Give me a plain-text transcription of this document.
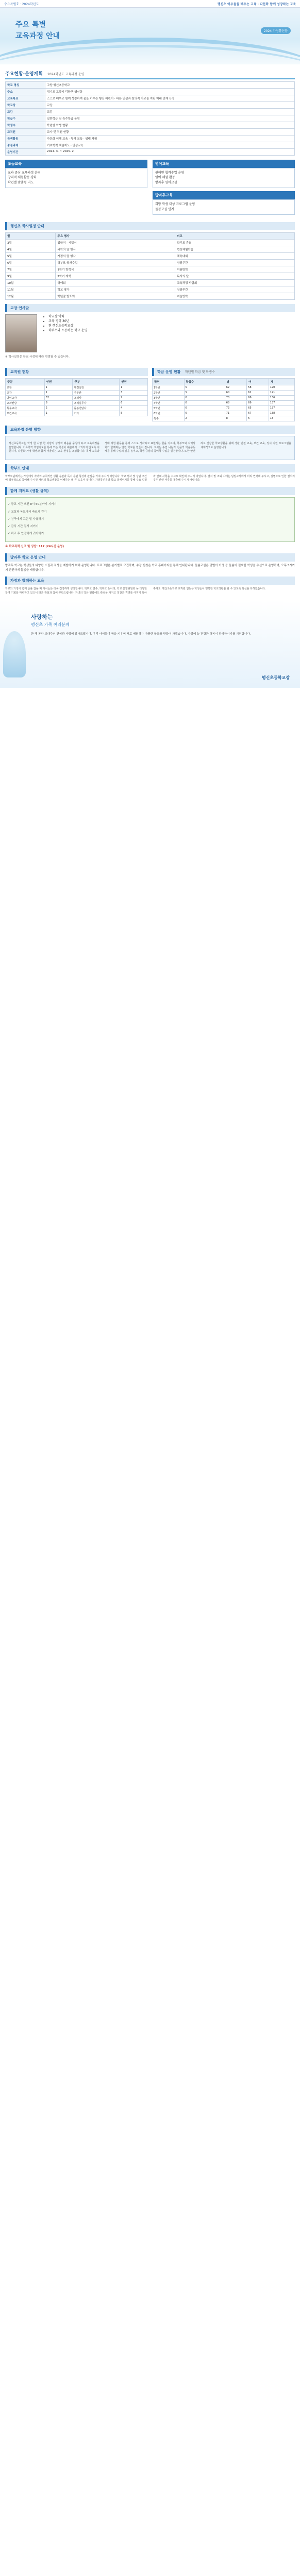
수요특별호 · 2024학년도	행신초 아우들을 배우는 교육 · 다문화 함께 성장하는 교육
주요 특별
교육과정 안내
2024 가정통신문
주요현황·운영계획 2024학년도 교육과정 운영
학교 명칭	고양 행신초등학교
주소	경기도 고양시 덕양구 행신동
교육목표	스스로 배우고 함께 성장하며 꿈을 키우는 행신 어린이 · 바른 인성과 창의적 사고를 지닌 미래 인재 육성
학교장	교장
교감	교감
학급수	일반학급 및 특수학급 운영
학생수	학년별 학생 현황
교직원	교사 및 직원 현황
특색활동	다문화 이해 교육 · 독서 교육 · 생태 체험
중점과제	기초학력 책임지도 · 인성교육
운영기간	2024. 3. ~ 2025. 2.
초등교육

교과 중심 교육과정 운영

창의적 체험활동 강화

학년별 맞춤형 지도

영어교육

원어민 협력수업 운영

영어 체험 활동

방과후 영어교실

방과후교육

희망 학생 대상 프로그램 운영

돌봄교실 연계

행신초 학사일정 안내
월	주요 행사	비고
3월	입학식 · 시업식	학부모 총회
4월	과학의 달 행사	현장체험학습
5월	가정의 달 행사	체육대회
6월	학부모 공개수업	상담주간
7월	1학기 방학식	여름방학
9월	2학기 개학	독서의 달
10월	학예회	교육과정 박람회
11월	학교 평가	상담주간
12월	학년말 발표회	겨울방학
교장 인사말
• 학교장 약력
• 교육 경력 30년
• 현 행신초등학교장
• 학부모와 소통하는 학교 운영

※ 학사일정은 학교 사정에 따라 변경될 수 있습니다.

교직원 현황
구분	인원	구분	인원
교장	1	행정실장	1
교감	1	주무관	3
담임교사	32	조리사	2
교과전담	8	조리실무사	6
특수교사	2	돌봄전담사	4
보건교사	1	기타	5
학급 운영 현황 학년별 학급 및 학생수
학년	학급수	남	여	계
1학년	5	62	58	120
2학년	5	60	61	121
3학년	6	70	66	136
4학년	6	68	69	137
5학년	6	72	65	137
6학년	6	71	67	138
특수	2	8	5	13
교육과정 운영 방향

행신초등학교는 학생 한 사람 한 사람의 성장과 배움을 중심에 두고 교육과정을 운영합니다. 기초학력 책임지도를 통해 모든 학생이 배움에서 소외되지 않도록 지원하며, 다문화 가정 학생과 함께 어울리는 교육 환경을 조성합니다. 독서 교육과 생태 체험 활동을 통해 스스로 생각하고 표현하는 힘을 기르며, 학부모와 지역사회가 함께하는 열린 학교를 만들어 갑니다. 교사는 수업 나눔과 전문적 학습공동체를 통해 수업의 질을 높이고, 학생 중심의 참여형 수업을 실천합니다. 또한 안전하고 건강한 학교생활을 위해 생활 안전 교육, 보건 교육, 정서 지원 프로그램을 체계적으로 운영합니다.

학부모 안내

학부모님께서는 가정에서 자녀의 규칙적인 생활 습관과 독서 습관 형성에 관심을 가져 주시기 바랍니다. 학교 행사 및 상담 주간에 적극적으로 참여해 주시면 자녀의 학교생활을 이해하는 데 큰 도움이 됩니다. 가정통신문과 학교 홈페이지를 통해 주요 일정과 안내 사항을 수시로 확인해 주시기 바랍니다. 결석 및 조퇴 시에는 담임교사에게 미리 연락해 주시고, 질병으로 인한 결석의 경우 관련 서류를 제출해 주시기 바랍니다.

함께 지켜요 (생활 규칙)

✓ 등교 시간 오전 8시 50분까지 지키기

✓ 교실과 복도에서 바르게 걷기

✓ 친구에게 고운 말 사용하기

✓ 급식 시간 질서 지키기

✓ 하교 후 안전하게 귀가하기

※ 학교폭력 신고 및 상담: 117 (24시간 운영)

방과후 학교 운영 안내

방과후 학교는 학생들의 다양한 소질과 적성을 계발하기 위해 운영됩니다. 프로그램은 분기별로 모집하며, 수강 신청은 학교 홈페이지를 통해 안내됩니다. 돌봄교실은 맞벌이 가정 등 돌봄이 필요한 학생을 우선으로 운영하며, 오후 5시까지 안전하게 돌봄을 제공합니다.

가정과 함께하는 교육

학교와 가정이 함께 손을 잡을 때 아이들은 더욱 건강하게 성장합니다. 학부모 연수, 학부모 동아리, 학교 운영위원회 등 다양한 참여 기회를 마련하고 있으니 많은 관심과 참여 부탁드립니다. 자녀의 작은 변화에도 관심을 가지고 칭찬과 격려를 아끼지 말아 주세요. 행신초등학교 교직원 일동은 학생들이 행복한 학교생활을 할 수 있도록 최선을 다하겠습니다.

사랑하는
행신초 가족 여러분께
한 해 동안 보내주신 관심과 사랑에 감사드립니다. 우리 아이들이 꿈을 키우며 서로 배려하는 따뜻한 학교를 만들어 가겠습니다. 가정에 늘 건강과 행복이 함께하시기를 기원합니다.
행신초등학교장
